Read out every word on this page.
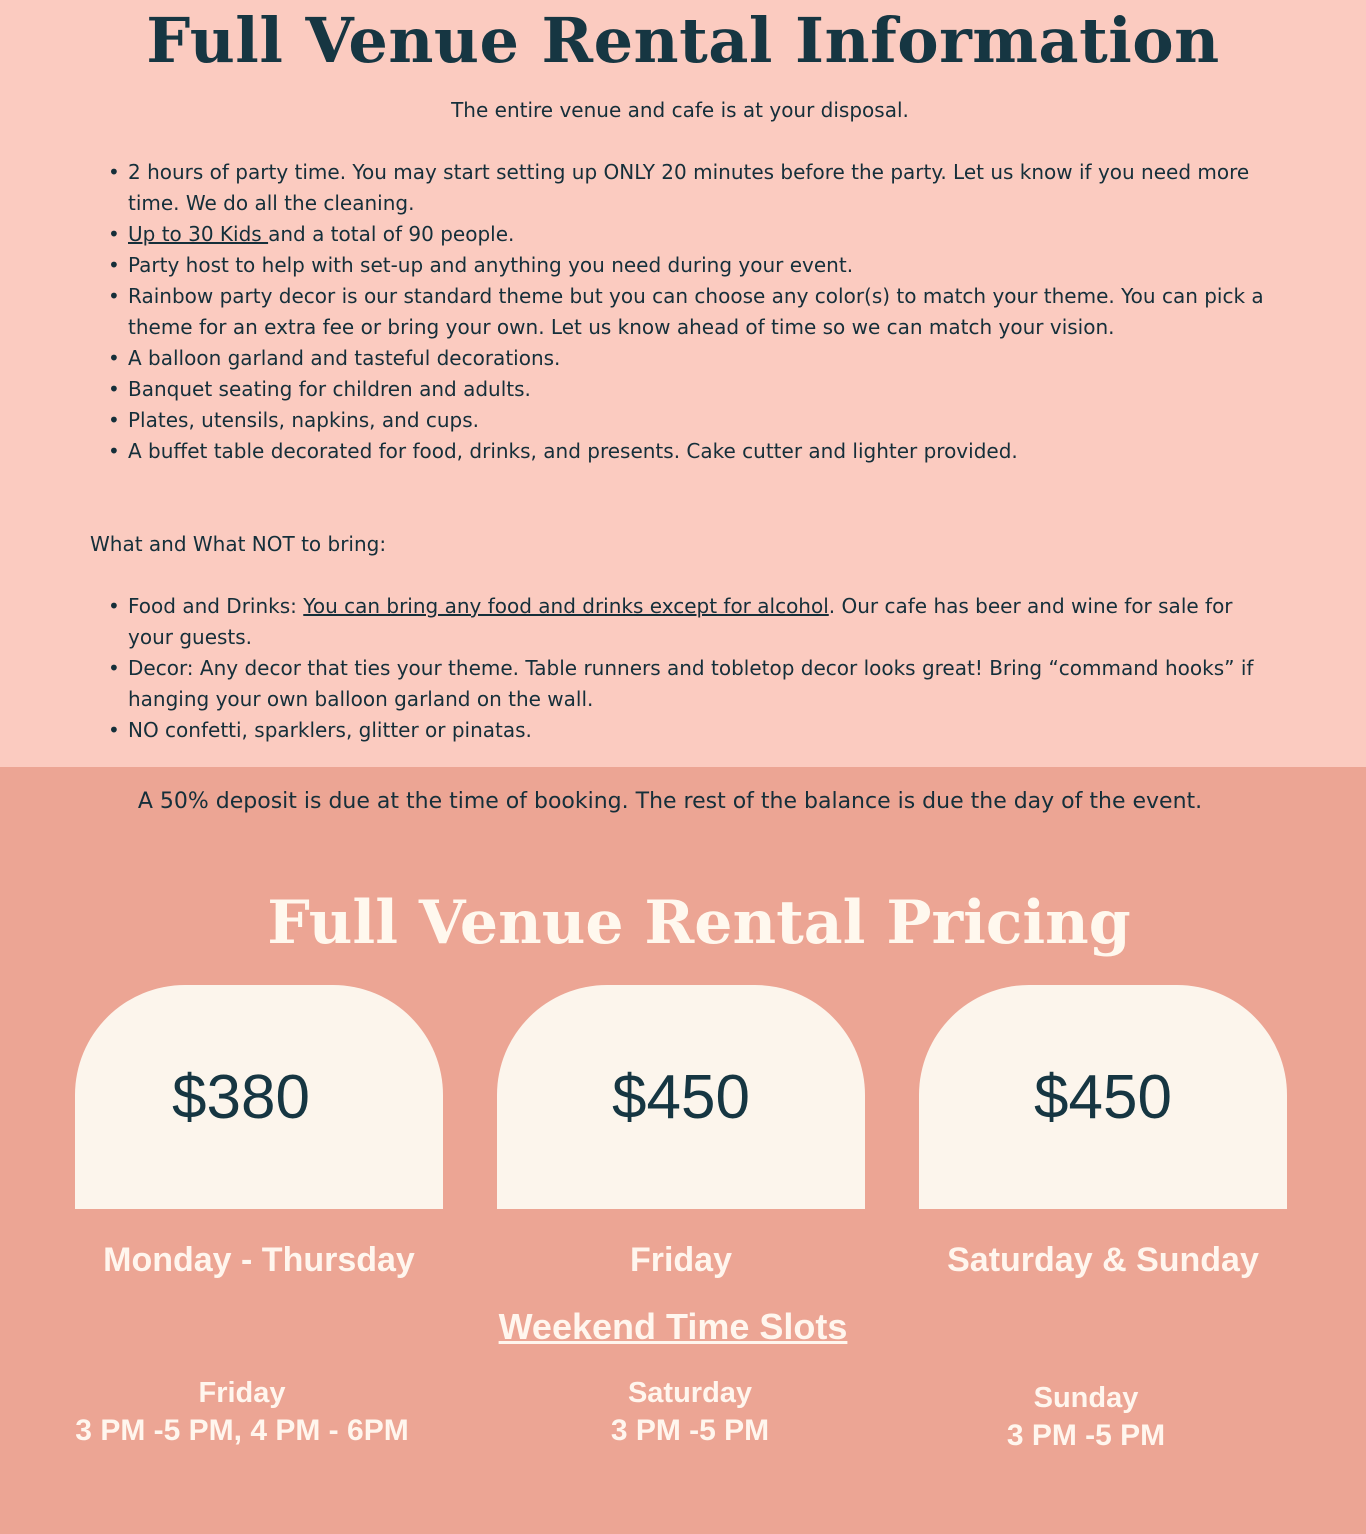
Full Venue Rental Information

The entire venue and cafe is at your disposal.

• 2 hours of party time. You may start setting up ONLY 20 minutes before the party. Let us know if you need more time. We do all the cleaning.
• Up to 30 Kids and a total of 90 people.
• Party host to help with set-up and anything you need during your event.
• Rainbow party decor is our standard theme but you can choose any color(s) to match your theme. You can pick a theme for an extra fee or bring your own. Let us know ahead of time so we can match your vision.
• A balloon garland and tasteful decorations.
• Banquet seating for children and adults.
• Plates, utensils, napkins, and cups.
• A buffet table decorated for food, drinks, and presents. Cake cutter and lighter provided.

What and What NOT to bring:

• Food and Drinks: You can bring any food and drinks except for alcohol. Our cafe has beer and wine for sale for your guests.
• Decor: Any decor that ties your theme. Table runners and tobletop decor looks great! Bring “command hooks” if hanging your own balloon garland on the wall.
• NO confetti, sparklers, glitter or pinatas.

A 50% deposit is due at the time of booking. The rest of the balance is due the day of the event.

Full Venue Rental Pricing
$380	$450	$450
Monday - Thursday	Friday	Saturday & Sunday
Weekend Time Slots
Friday
3 PM -5 PM, 4 PM - 6PM
Saturday
3 PM -5 PM
Sunday
3 PM -5 PM
